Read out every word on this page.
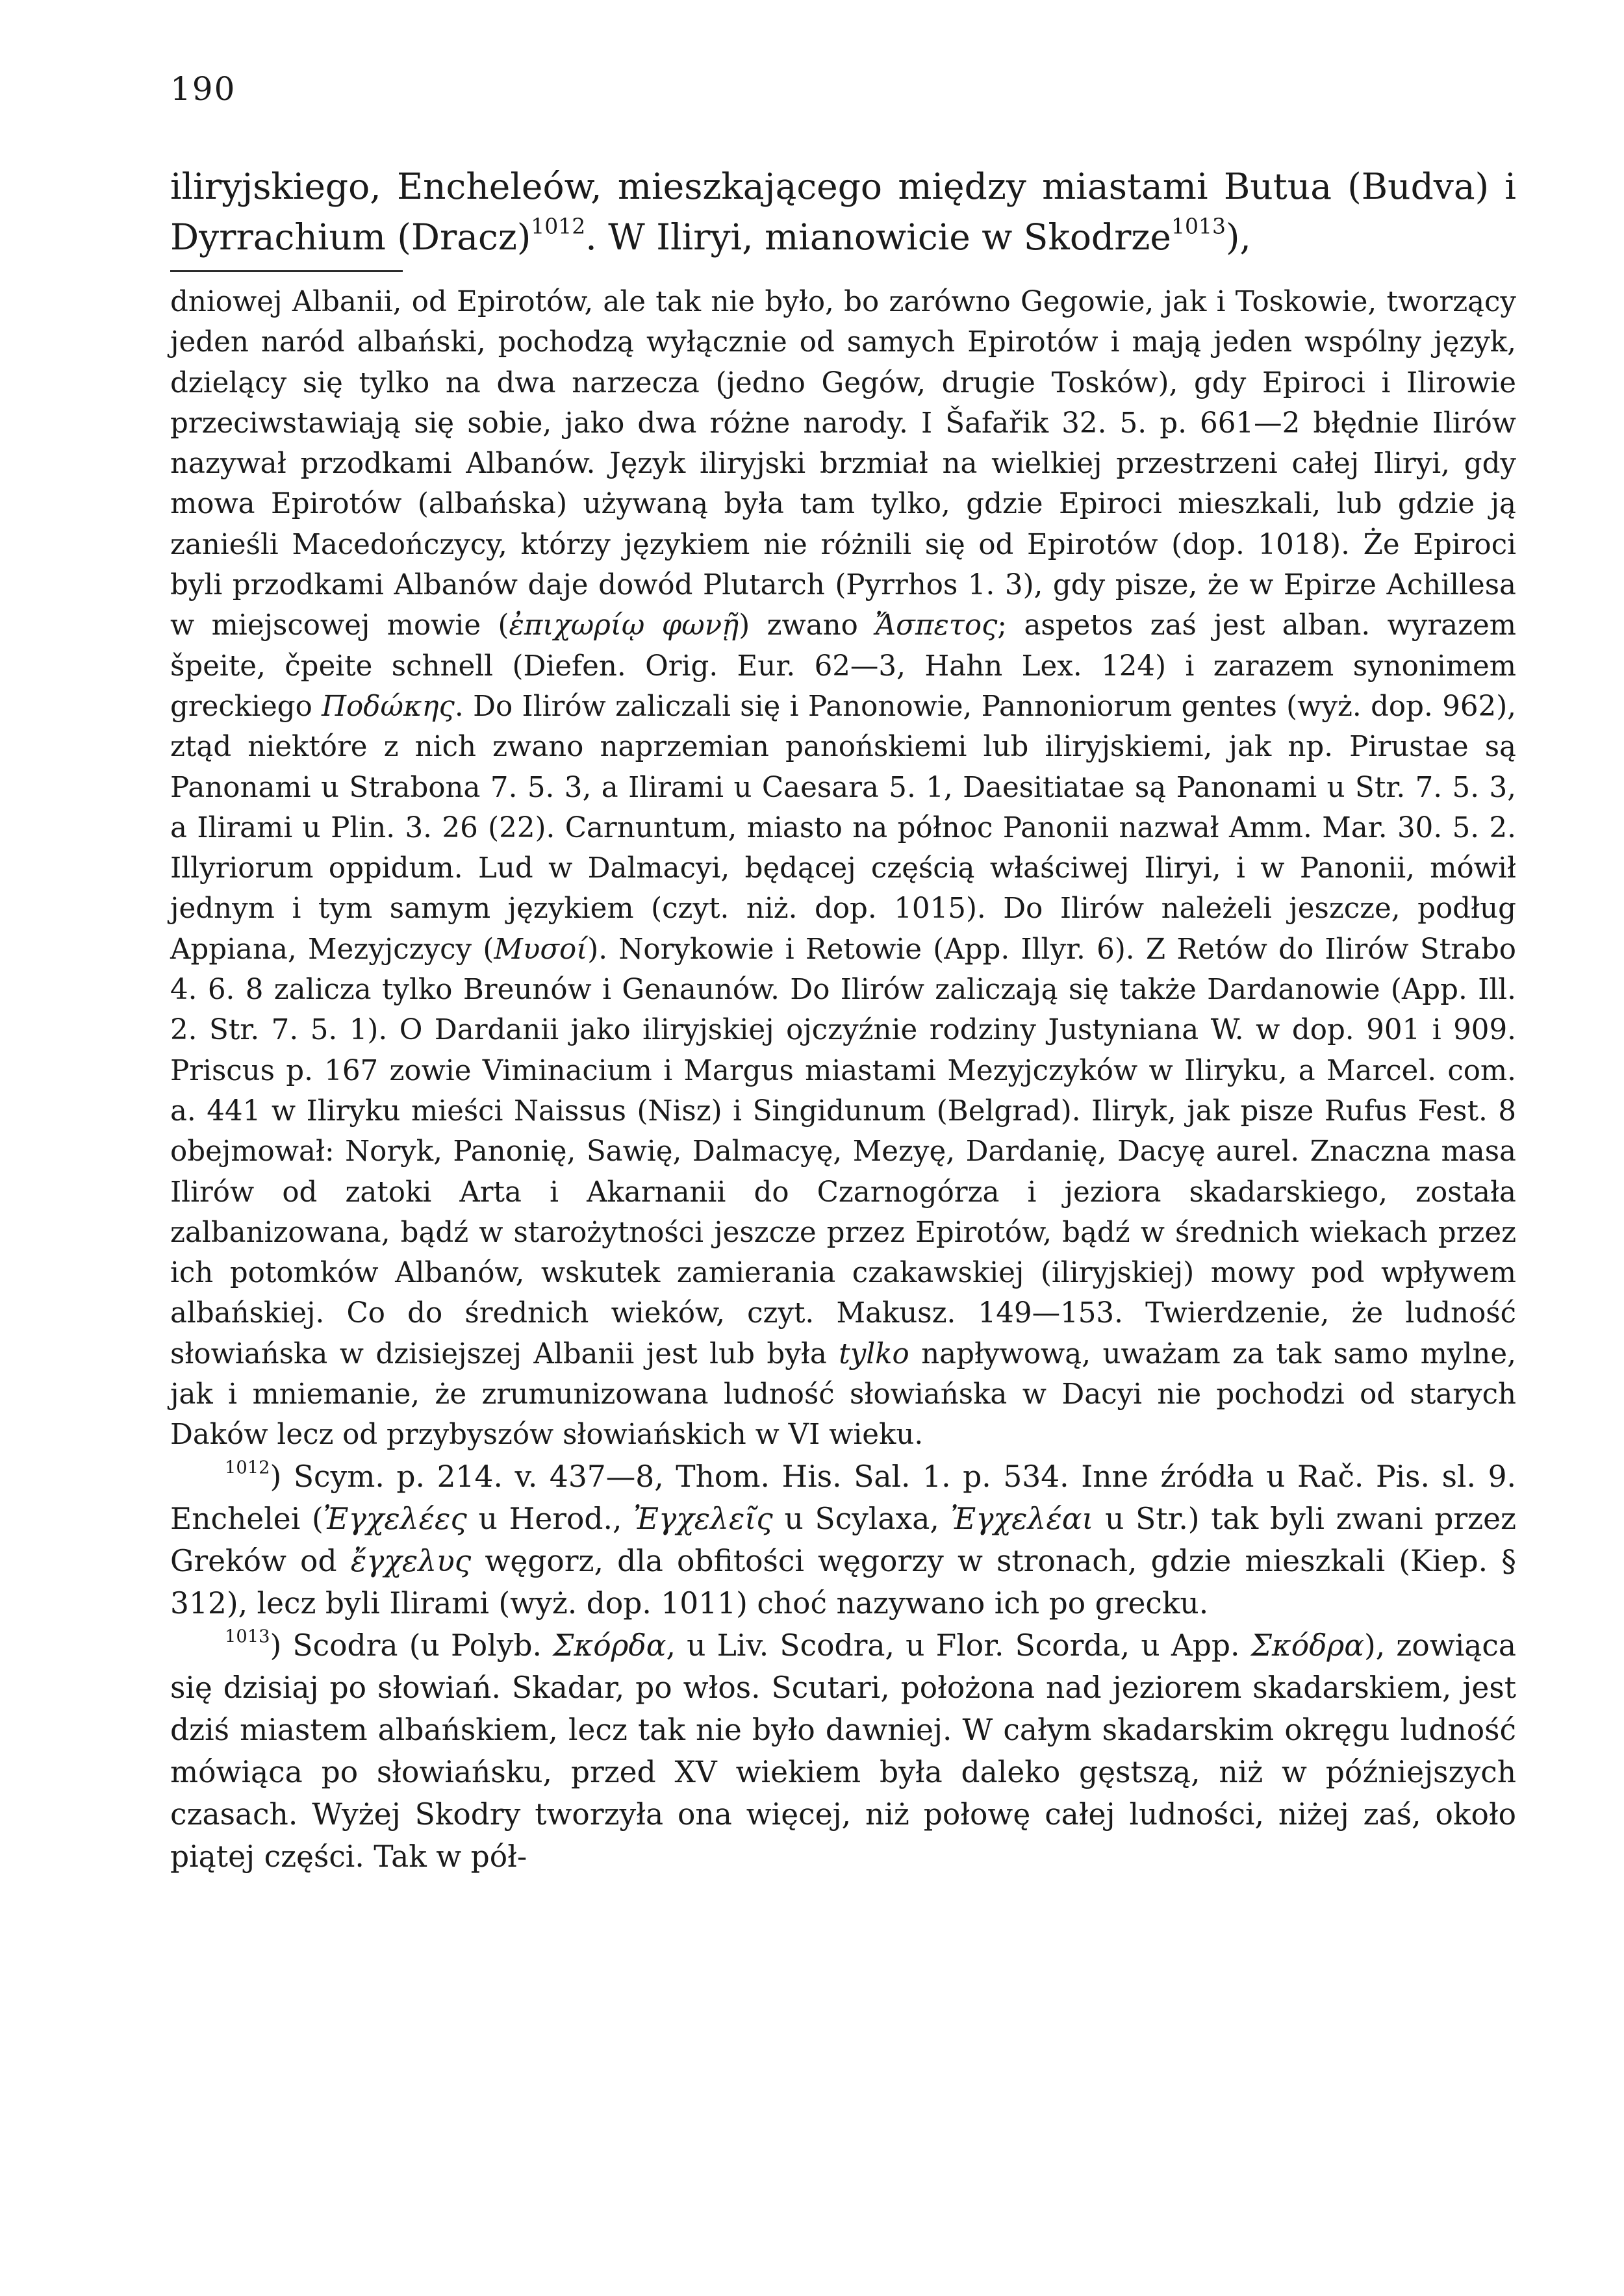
190

iliryjskiego, Encheleów, mieszkającego między miastami Butua (Budva) i Dyrrachium (Dracz)$^{1012}$. W Iliryi, mianowicie w Skodrze$^{1013}$),

dniowej Albanii, od Epirotów, ale tak nie było, bo zarówno Gegowie, jak i Toskowie, tworzący jeden naród albański, pochodzą wyłącznie od samych Epirotów i mają jeden wspólny język, dzielący się tylko na dwa narzecza (jedno Gegów, drugie Tosków), gdy Epiroci i Ilirowie przeciwstawiają się sobie, jako dwa różne narody. I Šafařik 32. 5. p. 661—2 błędnie Ilirów nazywał przodkami Albanów. Język iliryjski brzmiał na wielkiej przestrzeni całej Iliryi, gdy mowa Epirotów (albańska) używaną była tam tylko, gdzie Epiroci mieszkali, lub gdzie ją zanieśli Macedończycy, którzy językiem nie różnili się od Epirotów (dop. 1018). Że Epiroci byli przodkami Albanów daje dowód Plutarch (Pyrrhos 1. 3), gdy pisze, że w Epirze Achillesa w miejscowej mowie (ἐπιχωρίῳ φωνῇ) zwano Ἄσπετος; aspetos zaś jest alban. wyrazem špeite, čpeite schnell (Diefen. Orig. Eur. 62—3, Hahn Lex. 124) i zarazem synonimem greckiego Ποδώκης. Do Ilirów zaliczali się i Panonowie, Pannoniorum gentes (wyż. dop. 962), ztąd niektóre z nich zwano naprzemian panońskiemi lub iliryjskiemi, jak np. Pirustae są Panonami u Strabona 7. 5. 3, a Ilirami u Caesara 5. 1, Daesitiatae są Panonami u Str. 7. 5. 3, a Ilirami u Plin. 3. 26 (22). Carnuntum, miasto na północ Panonii nazwał Amm. Mar. 30. 5. 2. Illyriorum oppidum. Lud w Dalmacyi, będącej częścią właściwej Iliryi, i w Panonii, mówił jednym i tym samym językiem (czyt. niż. dop. 1015). Do Ilirów należeli jeszcze, podług Appiana, Mezyjczycy (Μυσοί). Norykowie i Retowie (App. Illyr. 6). Z Retów do Ilirów Strabo 4. 6. 8 zalicza tylko Breunów i Genaunów. Do Ilirów zaliczają się także Dardanowie (App. Ill. 2. Str. 7. 5. 1). O Dardanii jako iliryjskiej ojczyźnie rodziny Justyniana W. w dop. 901 i 909. Priscus p. 167 zowie Viminacium i Margus miastami Mezyjczyków w Iliryku, a Marcel. com. a. 441 w Iliryku mieści Naissus (Nisz) i Singidunum (Belgrad). Iliryk, jak pisze Rufus Fest. 8 obejmował: Noryk, Panonię, Sawię, Dalmacyę, Mezyę, Dardanię, Dacyę aurel. Znaczna masa Ilirów od zatoki Arta i Akarnanii do Czarnogórza i jeziora skadarskiego, została zalbanizowana, bądź w starożytności jeszcze przez Epirotów, bądź w średnich wiekach przez ich potomków Albanów, wskutek zamierania czakawskiej (iliryjskiej) mowy pod wpływem albańskiej. Co do średnich wieków, czyt. Makusz. 149—153. Twierdzenie, że ludność słowiańska w dzisiejszej Albanii jest lub była tylko napływową, uważam za tak samo mylne, jak i mniemanie, że zrumunizowana ludność słowiańska w Dacyi nie pochodzi od starych Daków lecz od przybyszów słowiańskich w VI wieku.

$^{1012}$) Scym. p. 214. v. 437—8, Thom. His. Sal. 1. p. 534. Inne źródła u Rač. Pis. sl. 9. Enchelei (Ἐγχελέες u Herod., Ἐγχελεῖς u Scylaxa, Ἐγχελέαι u Str.) tak byli zwani przez Greków od ἔγχελυς węgorz, dla obfitości węgorzy w stronach, gdzie mieszkali (Kiep. § 312), lecz byli Ilirami (wyż. dop. 1011) choć nazywano ich po grecku.

$^{1013}$) Scodra (u Polyb. Σκόρδα, u Liv. Scodra, u Flor. Scorda, u App. Σκόδρα), zowiąca się dzisiaj po słowiań. Skadar, po włos. Scutari, położona nad jeziorem skadarskiem, jest dziś miastem albańskiem, lecz tak nie było dawniej. W całym skadarskim okręgu ludność mówiąca po słowiańsku, przed XV wiekiem była daleko gęstszą, niż w późniejszych czasach. Wyżej Skodry tworzyła ona więcej, niż połowę całej ludności, niżej zaś, około piątej części. Tak w pół-
